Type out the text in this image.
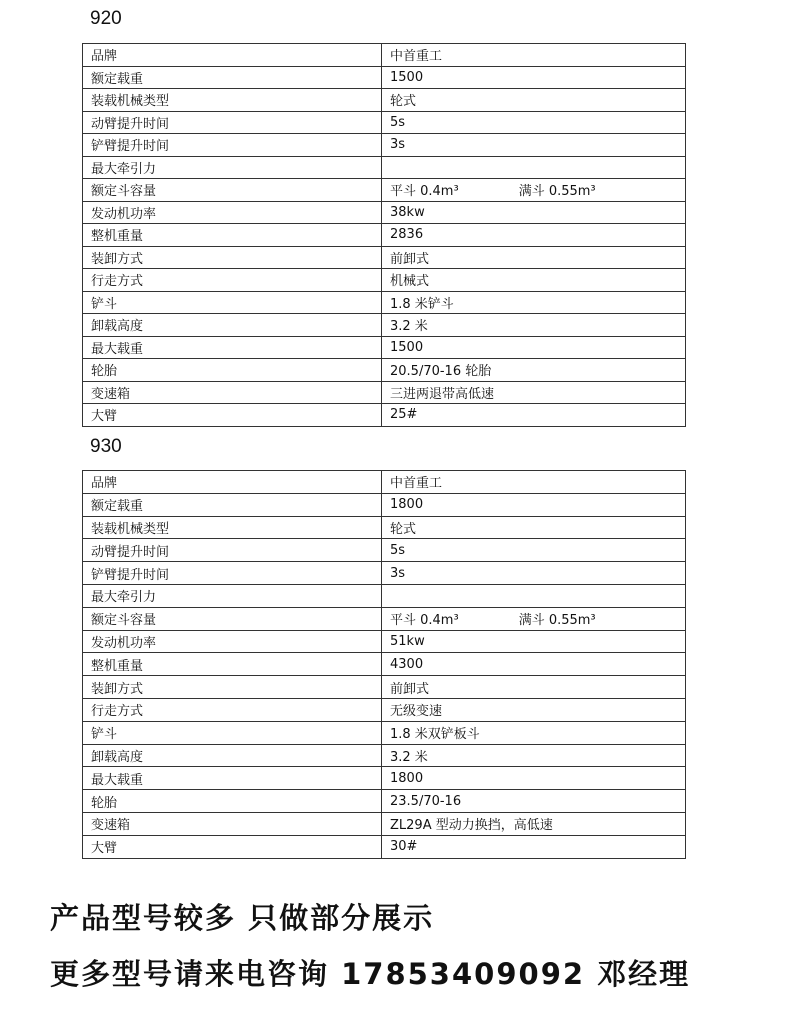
920
品牌	中首重工
额定载重	1500
装载机械类型	轮式
动臂提升时间	5s
铲臂提升时间	3s
最大牵引力	
额定斗容量	平斗 0.4m³ 满斗 0.55m³
发动机功率	38kw
整机重量	2836
装卸方式	前卸式
行走方式	机械式
铲斗	1.8 米铲斗
卸载高度	3.2 米
最大载重	1500
轮胎	20.5/70-16 轮胎
变速箱	三进两退带高低速
大臂	25#
930
品牌	中首重工
额定载重	1800
装载机械类型	轮式
动臂提升时间	5s
铲臂提升时间	3s
最大牵引力	
额定斗容量	平斗 0.4m³ 满斗 0.55m³
发动机功率	51kw
整机重量	4300
装卸方式	前卸式
行走方式	无级变速
铲斗	1.8 米双铲板斗
卸载高度	3.2 米
最大载重	1800
轮胎	23.5/70-16
变速箱	ZL29A 型动力换挡，高低速
大臂	30#
产品型号较多 只做部分展示
更多型号请来电咨询 17853409092 邓经理
